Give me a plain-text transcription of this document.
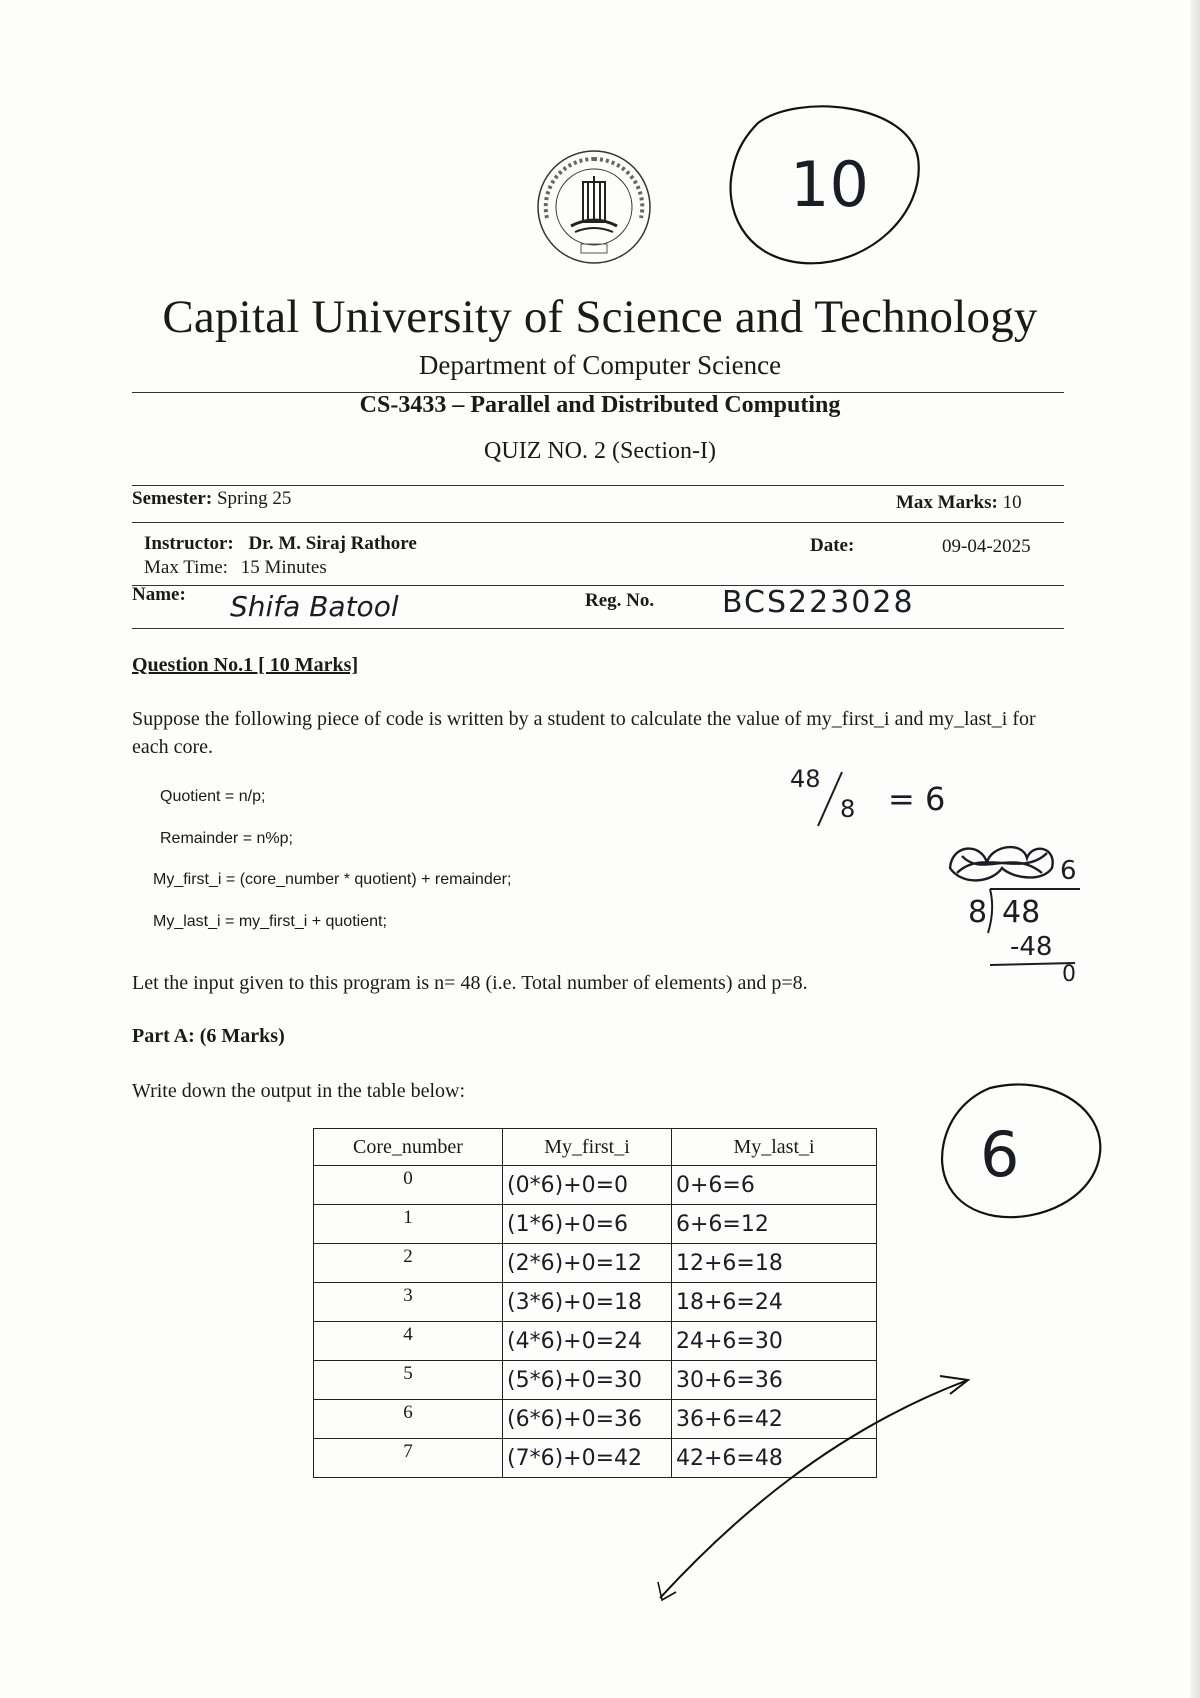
10
Capital University of Science and Technology
Department of Computer Science
CS-3433 – Parallel and Distributed Computing
QUIZ NO. 2 (Section-I)
Semester: Spring 25	Max Marks: 10
Instructor: Dr. M. Siraj Rathore	Date:	09-04-2025
Max Time: 15 Minutes
Name: Shifa Batool	Reg. No. BCS223028
Question No.1 [ 10 Marks]
Suppose the following piece of code is written by a student to calculate the value of my_first_i and my_last_i for each core.
Quotient = n/p;
Remainder = n%p;
My_first_i = (core_number * quotient) + remainder;
My_last_i = my_first_i + quotient;
48
8 = 6
6
8 48
-48
0
Let the input given to this program is n= 48 (i.e. Total number of elements) and p=8.
Part A: (6 Marks)
Write down the output in the table below:
6
Core_number	My_first_i	My_last_i
0	(0*6)+0=0	0+6=6
1	(1*6)+0=6	6+6=12
2	(2*6)+0=12	12+6=18
3	(3*6)+0=18	18+6=24
4	(4*6)+0=24	24+6=30
5	(5*6)+0=30	30+6=36
6	(6*6)+0=36	36+6=42
7	(7*6)+0=42	42+6=48
